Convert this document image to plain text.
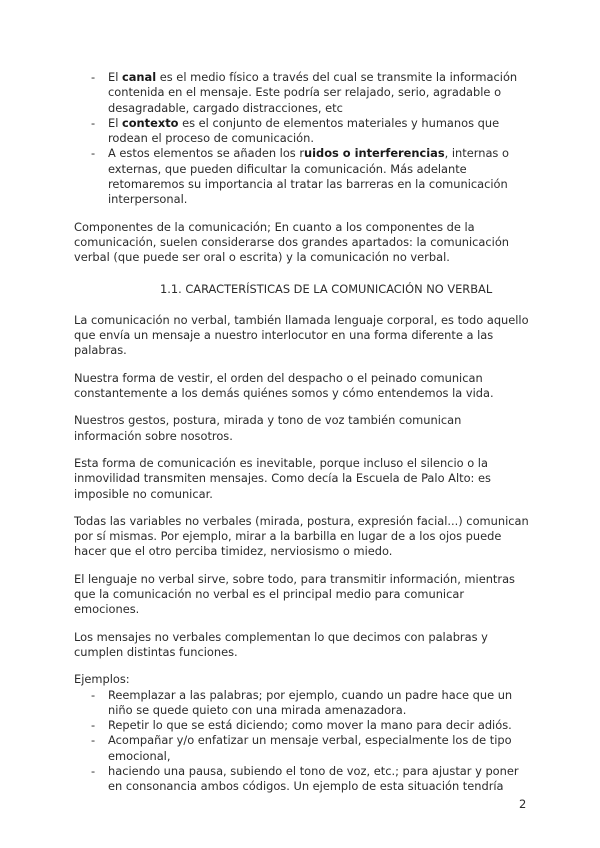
- El canal es el medio físico a través del cual se transmite la información contenida en el mensaje. Este podría ser relajado, serio, agradable o desagradable, cargado distracciones, etc
- El contexto es el conjunto de elementos materiales y humanos que rodean el proceso de comunicación.
- A estos elementos se añaden los ruidos o interferencias, internas o externas, que pueden dificultar la comunicación. Más adelante retomaremos su importancia al tratar las barreras en la comunicación interpersonal.

Componentes de la comunicación; En cuanto a los componentes de la comunicación, suelen considerarse dos grandes apartados: la comunicación verbal (que puede ser oral o escrita) y la comunicación no verbal.

1.1. CARACTERÍSTICAS DE LA COMUNICACIÓN NO VERBAL

La comunicación no verbal, también llamada lenguaje corporal, es todo aquello que envía un mensaje a nuestro interlocutor en una forma diferente a las palabras.

Nuestra forma de vestir, el orden del despacho o el peinado comunican constantemente a los demás quiénes somos y cómo entendemos la vida.

Nuestros gestos, postura, mirada y tono de voz también comunican información sobre nosotros.

Esta forma de comunicación es inevitable, porque incluso el silencio o la inmovilidad transmiten mensajes. Como decía la Escuela de Palo Alto: es imposible no comunicar.

Todas las variables no verbales (mirada, postura, expresión facial...) comunican por sí mismas. Por ejemplo, mirar a la barbilla en lugar de a los ojos puede hacer que el otro perciba timidez, nerviosismo o miedo.

El lenguaje no verbal sirve, sobre todo, para transmitir información, mientras que la comunicación no verbal es el principal medio para comunicar emociones.

Los mensajes no verbales complementan lo que decimos con palabras y cumplen distintas funciones.

Ejemplos:

- Reemplazar a las palabras; por ejemplo, cuando un padre hace que un niño se quede quieto con una mirada amenazadora.
- Repetir lo que se está diciendo; como mover la mano para decir adiós.
- Acompañar y/o enfatizar un mensaje verbal, especialmente los de tipo emocional,
- haciendo una pausa, subiendo el tono de voz, etc.; para ajustar y poner en consonancia ambos códigos. Un ejemplo de esta situación tendría
2
